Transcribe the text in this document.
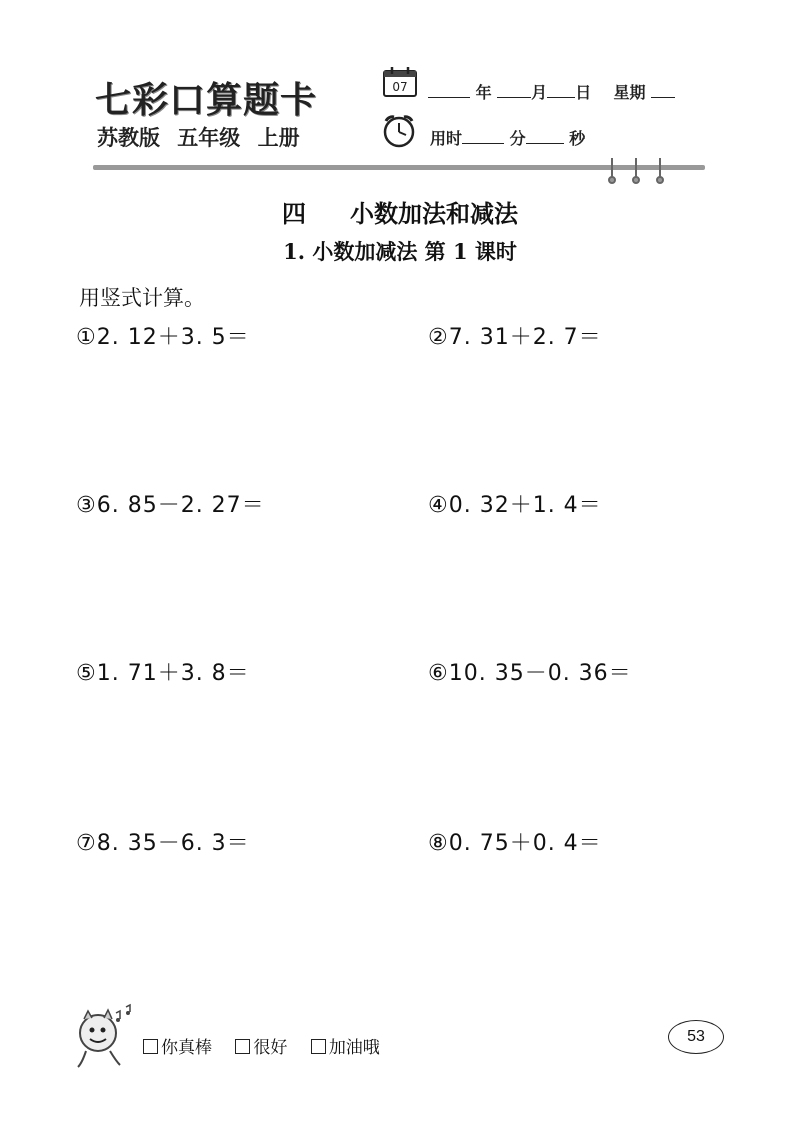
七彩口算题卡
苏教版 五年级 上册
07	年 月 日 星期
用时	分	秒
四 小数加法和减法
1. 小数加减法 第 1 课时
用竖式计算。
①2. 12＋3. 5＝	②7. 31＋2. 7＝
③6. 85－2. 27＝	④0. 32＋1. 4＝
⑤1. 71＋3. 8＝	⑥10. 35－0. 36＝
⑦8. 35－6. 3＝	⑧0. 75＋0. 4＝
你真棒 很好 加油哦
53
